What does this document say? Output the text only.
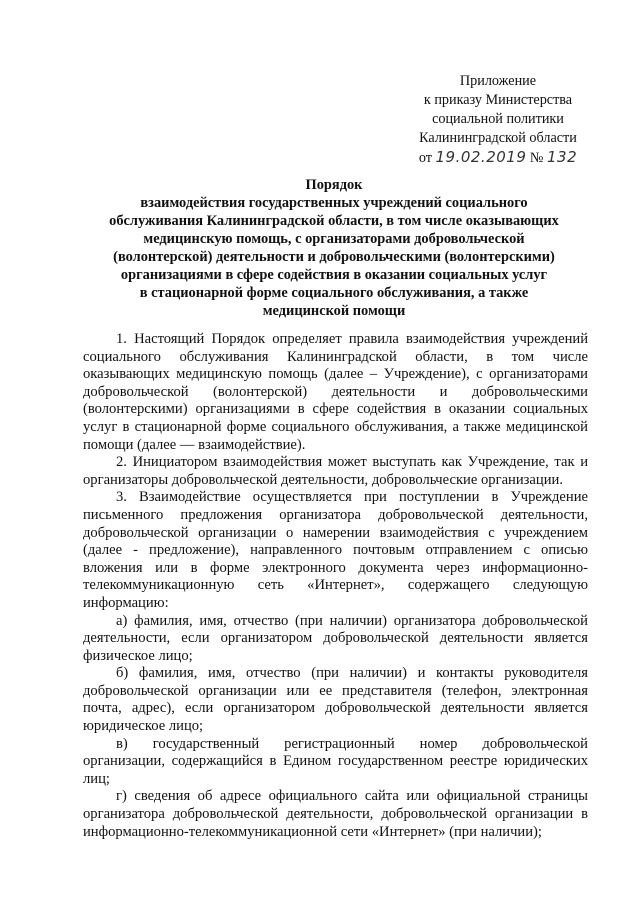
Приложение
к приказу Министерства
социальной политики
Калининградской области
от 19.02.2019 № 132
Порядок
взаимодействия государственных учреждений социального
обслуживания Калининградской области, в том числе оказывающих
медицинскую помощь, с организаторами добровольческой
(волонтерской) деятельности и добровольческими (волонтерскими)
организациями в сфере содействия в оказании социальных услуг
в стационарной форме социального обслуживания, а также
медицинской помощи

1. Настоящий Порядок определяет правила взаимодействия учреждений социального обслуживания Калининградской области, в том числе оказывающих медицинскую помощь (далее – Учреждение), с организаторами добровольческой (волонтерской) деятельности и добровольческими (волонтерскими) организациями в сфере содействия в оказании социальных услуг в стационарной форме социального обслуживания, а также медицинской помощи (далее — взаимодействие).

2. Инициатором взаимодействия может выступать как Учреждение, так и организаторы добровольческой деятельности, добровольческие организации.

3. Взаимодействие осуществляется при поступлении в Учреждение письменного предложения организатора добровольческой деятельности, добровольческой организации о намерении взаимодействия с учреждением (далее - предложение), направленного почтовым отправлением с описью вложения или в форме электронного документа через информационно-телекоммуникационную сеть «Интернет», содержащего следующую информацию:

а) фамилия, имя, отчество (при наличии) организатора добровольческой деятельности, если организатором добровольческой деятельности является физическое лицо;

б) фамилия, имя, отчество (при наличии) и контакты руководителя добровольческой организации или ее представителя (телефон, электронная почта, адрес), если организатором добровольческой деятельности является юридическое лицо;

в) государственный регистрационный номер добровольческой организации, содержащийся в Едином государственном реестре юридических лиц;

г) сведения об адресе официального сайта или официальной страницы организатора добровольческой деятельности, добровольческой организации в информационно-телекоммуникационной сети «Интернет» (при наличии);
